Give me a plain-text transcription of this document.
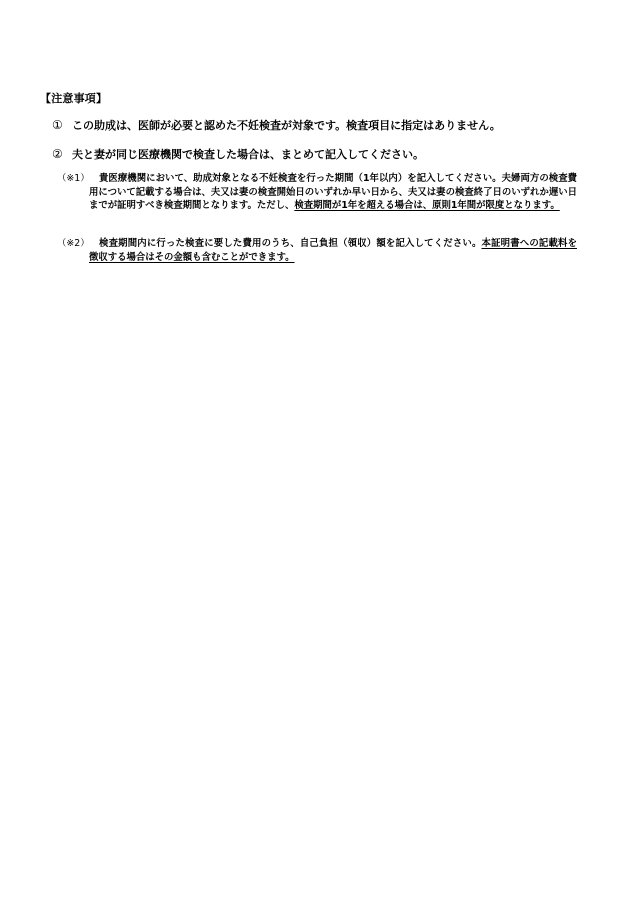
【注意事項】
① この助成は、医師が必要と認めた不妊検査が対象です。検査項目に指定はありません。
② 夫と妻が同じ医療機関で検査した場合は、まとめて記入してください。
（※1）	貴医療機関において、助成対象となる不妊検査を行った期間（1年以内）を記入してください。夫婦両方の検査費用について記載する場合は、夫又は妻の検査開始日のいずれか早い日から、夫又は妻の検査終了日のいずれか遅い日までが証明すべき検査期間となります。ただし、検査期間が1年を超える場合は、原則1年間が限度となります。
（※2）	検査期間内に行った検査に要した費用のうち、自己負担（領収）額を記入してください。本証明書への記載料を徴収する場合はその金額も含むことができます。
